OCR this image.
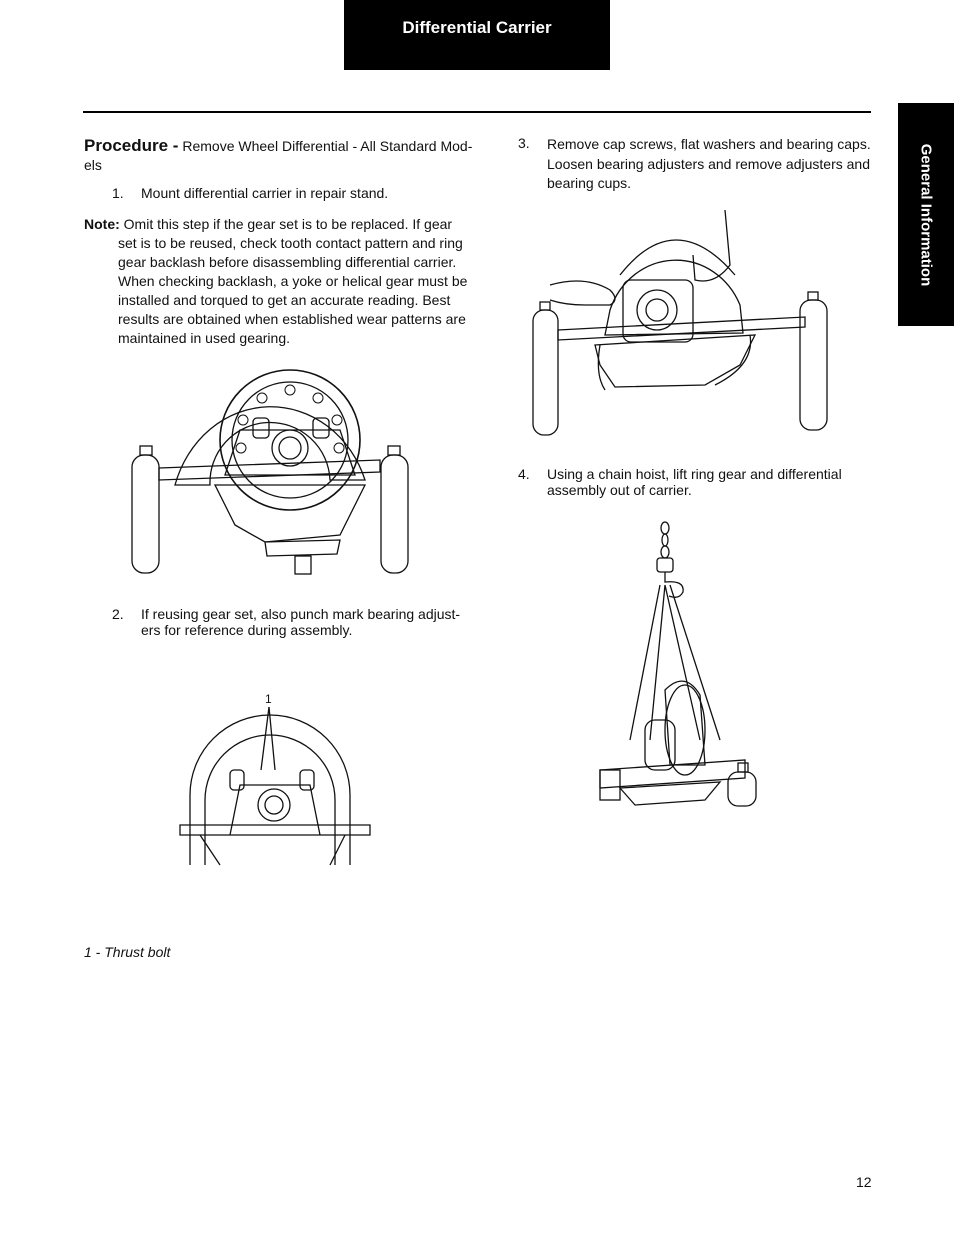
Differential Carrier
General Information
Procedure - Remove Wheel Differential - All Standard Mod-
els
1. Mount differential carrier in repair stand.
Note: Omit this step if the gear set is to be replaced. If gear
set is to be reused, check tooth contact pattern and ring
gear backlash before disassembling differential carrier.
When checking backlash, a yoke or helical gear must be
installed and torqued to get an accurate reading. Best
results are obtained when established wear patterns are
maintained in used gearing.
2. If reusing gear set, also punch mark bearing adjust-
ers for reference during assembly.
1
1 - Thrust bolt
3. Remove cap screws, flat washers and bearing caps.
Loosen bearing adjusters and remove adjusters and
bearing cups.
4. Using a chain hoist, lift ring gear and differential
assembly out of carrier.
12
